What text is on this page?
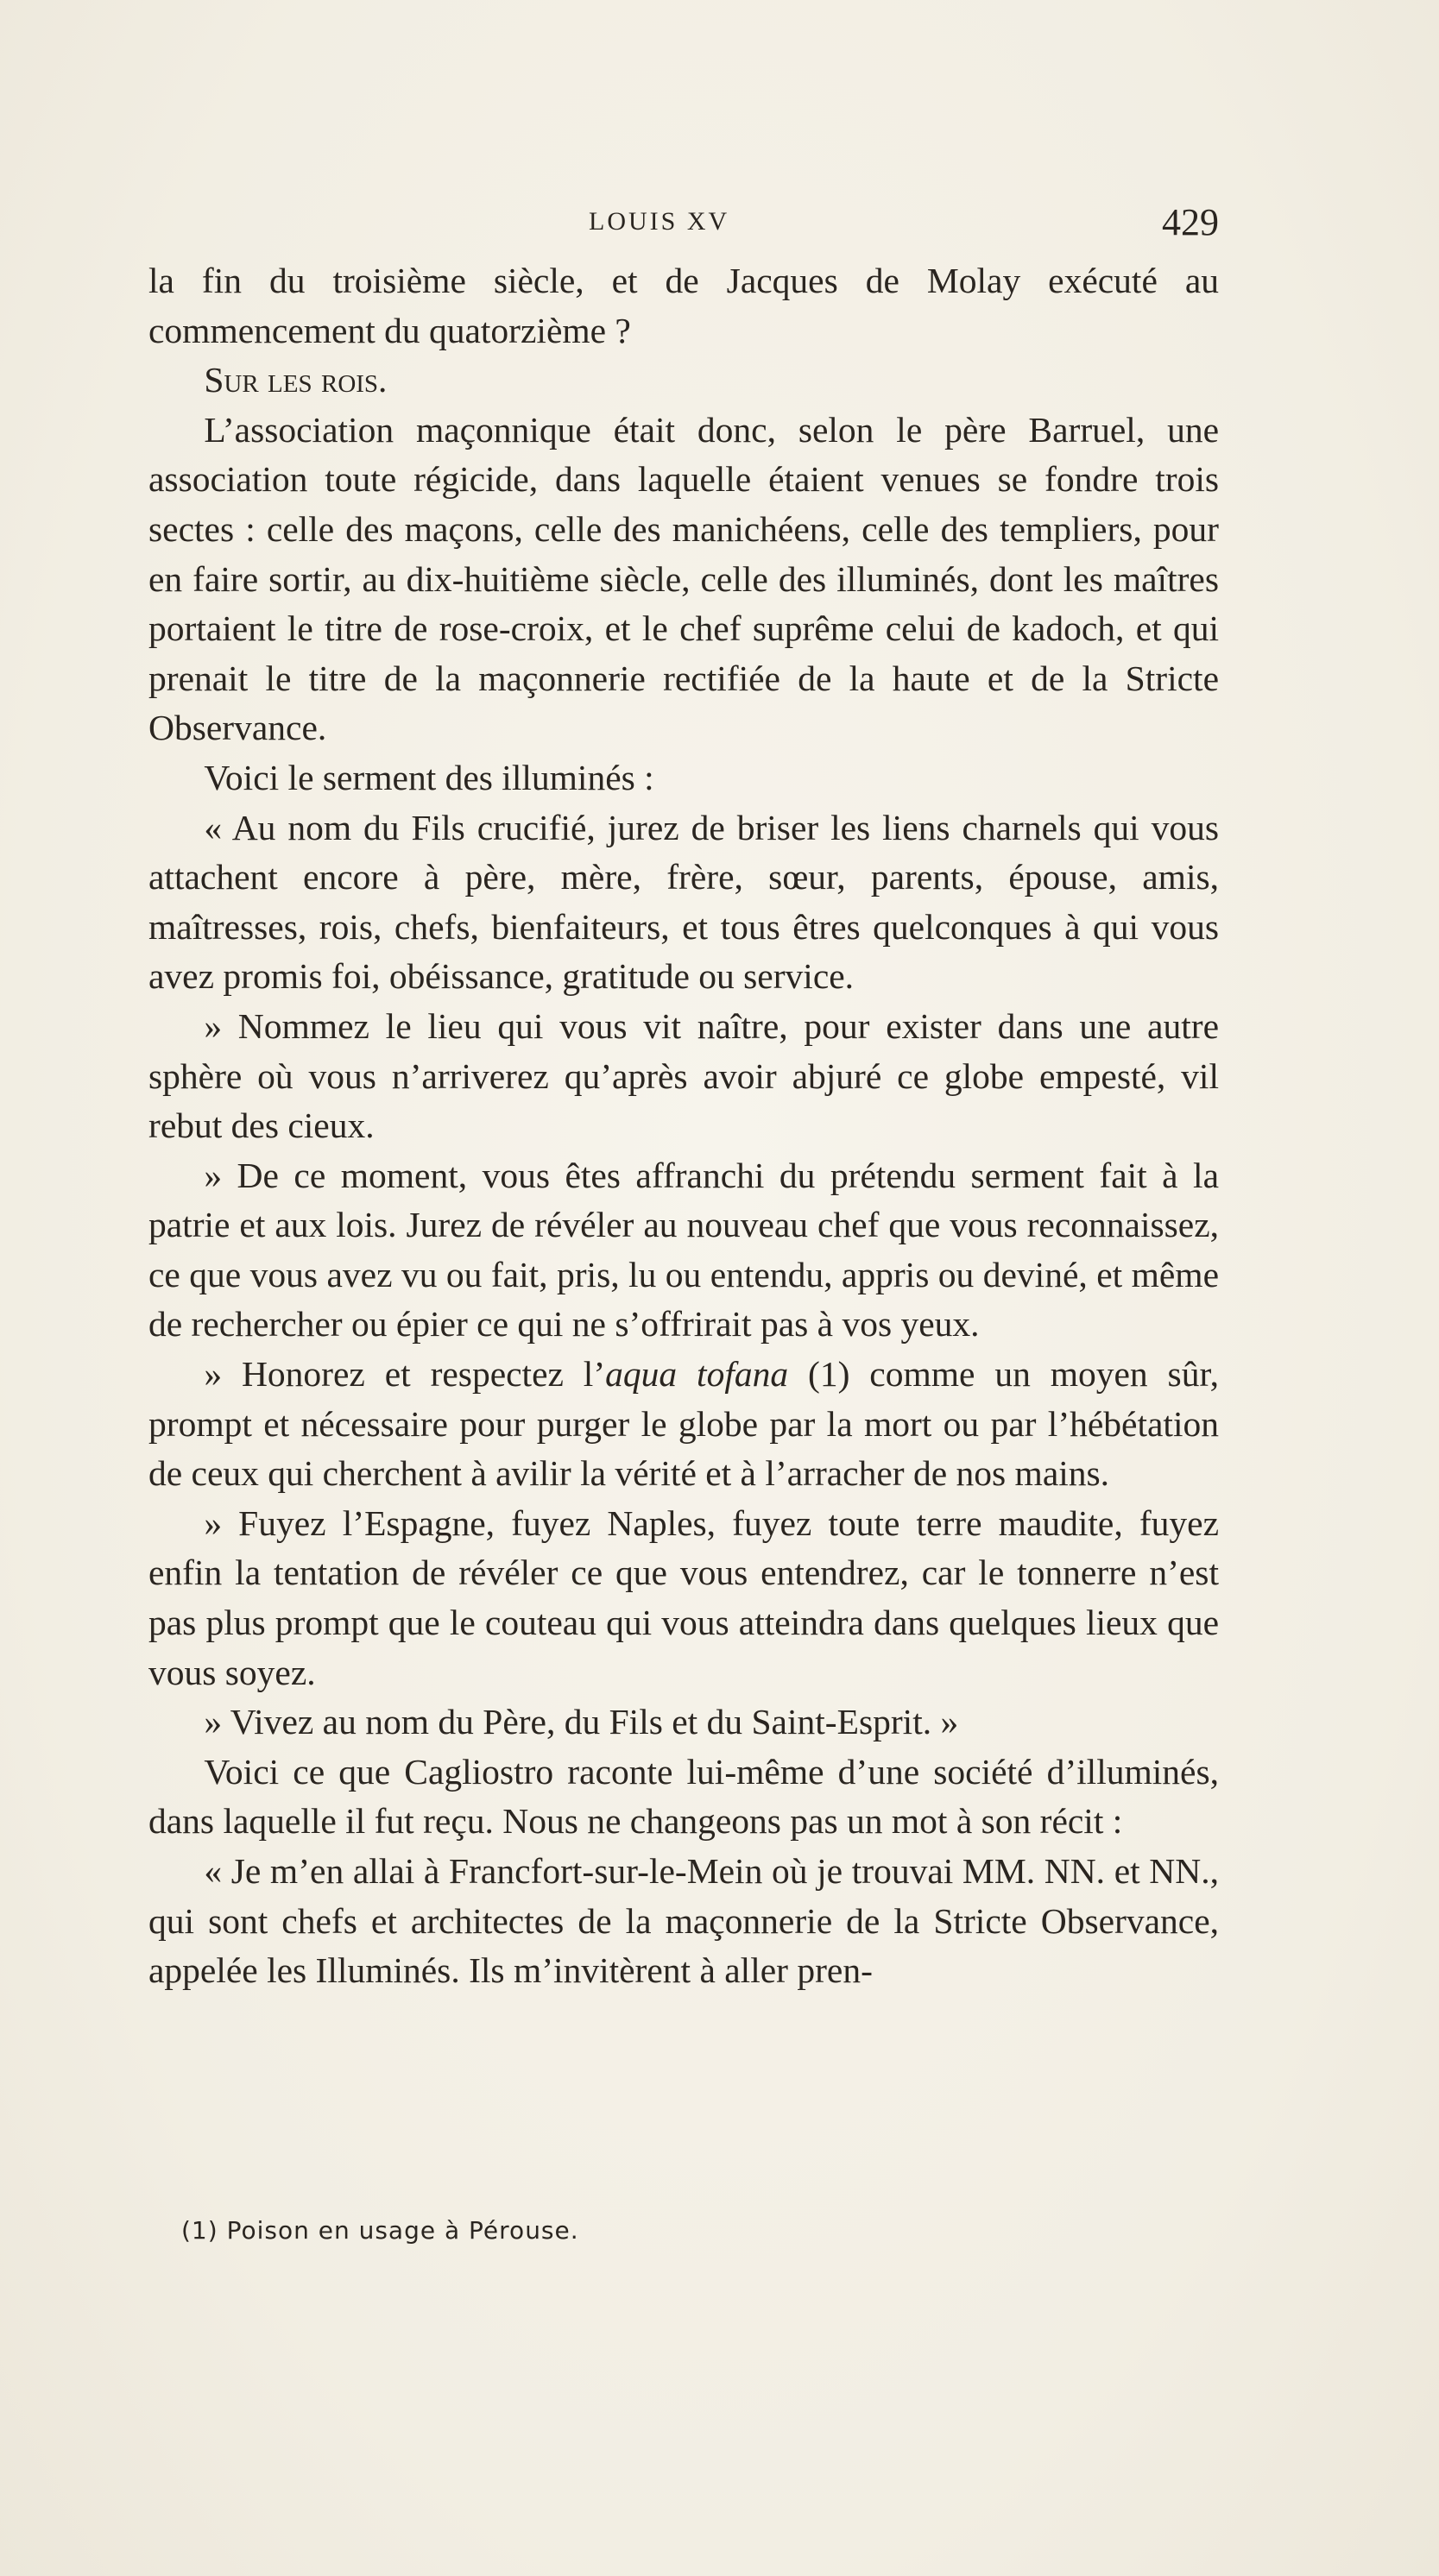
LOUIS XV	429

la fin du troisième siècle, et de Jacques de Molay exécuté au commencement du quatorzième ?

Sur les rois.

L’association maçonnique était donc, selon le père Barruel, une association toute régicide, dans laquelle étaient venues se fondre trois sectes : celle des maçons, celle des manichéens, celle des templiers, pour en faire sortir, au dix-huitième siècle, celle des illuminés, dont les maîtres portaient le titre de rose-croix, et le chef suprême celui de kadoch, et qui prenait le titre de la maçonnerie rectifiée de la haute et de la Stricte Observance.

Voici le serment des illuminés :

« Au nom du Fils crucifié, jurez de briser les liens charnels qui vous attachent encore à père, mère, frère, sœur, parents, épouse, amis, maîtresses, rois, chefs, bienfaiteurs, et tous êtres quelconques à qui vous avez promis foi, obéissance, gratitude ou service.

» Nommez le lieu qui vous vit naître, pour exister dans une autre sphère où vous n’arriverez qu’après avoir abjuré ce globe empesté, vil rebut des cieux.

» De ce moment, vous êtes affranchi du prétendu serment fait à la patrie et aux lois. Jurez de révéler au nouveau chef que vous reconnaissez, ce que vous avez vu ou fait, pris, lu ou entendu, appris ou deviné, et même de rechercher ou épier ce qui ne s’offrirait pas à vos yeux.

» Honorez et respectez l’aqua tofana (1) comme un moyen sûr, prompt et nécessaire pour purger le globe par la mort ou par l’hébétation de ceux qui cherchent à avilir la vérité et à l’arracher de nos mains.

» Fuyez l’Espagne, fuyez Naples, fuyez toute terre maudite, fuyez enfin la tentation de révéler ce que vous entendrez, car le tonnerre n’est pas plus prompt que le couteau qui vous atteindra dans quelques lieux que vous soyez.

» Vivez au nom du Père, du Fils et du Saint-Esprit. »

Voici ce que Cagliostro raconte lui-même d’une société d’illuminés, dans laquelle il fut reçu. Nous ne changeons pas un mot à son récit :

« Je m’en allai à Francfort-sur-le-Mein où je trouvai MM. NN. et NN., qui sont chefs et architectes de la maçonnerie de la Stricte Observance, appelée les Illuminés. Ils m’invitèrent à aller pren-

(1) Poison en usage à Pérouse.
